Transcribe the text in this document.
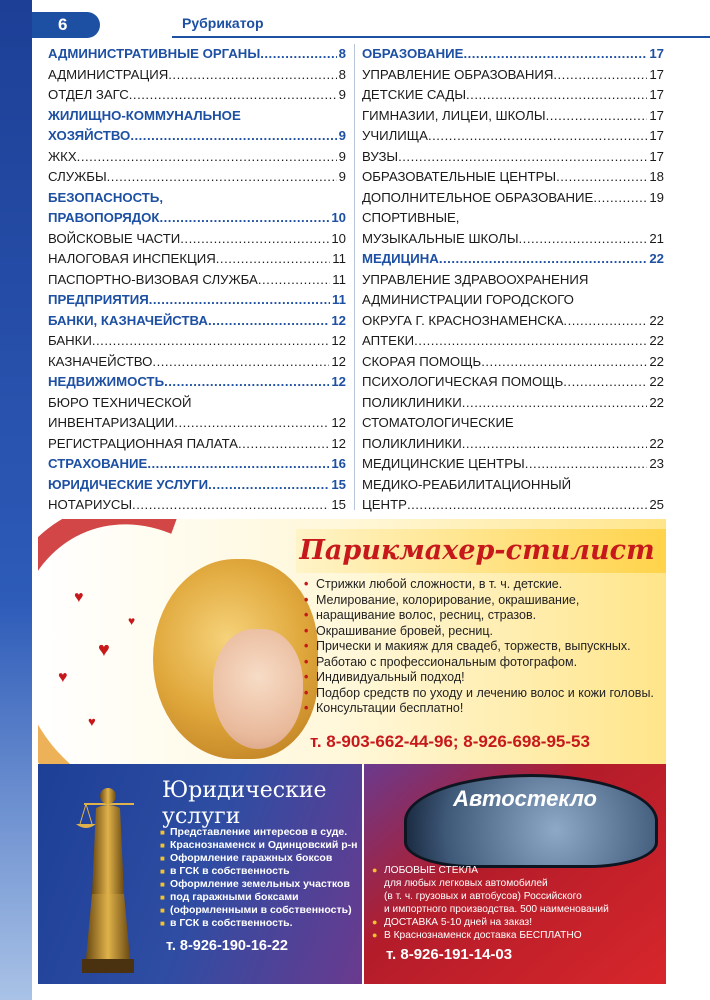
6	Рубрикатор
АДМИНИСТРАТИВНЫЕ ОРГАНЫ .....	8
АДМИНИСТРАЦИЯ .....	8
ОТДЕЛ ЗАГС .....	9
ЖИЛИЩНО-КОММУНАЛЬНОЕ
ХОЗЯЙСТВО .....	9
ЖКХ .....	9
СЛУЖБЫ .....	9
БЕЗОПАСНОСТЬ,
ПРАВОПОРЯДОК .....	10
ВОЙСКОВЫЕ ЧАСТИ .....	10
НАЛОГОВАЯ ИНСПЕКЦИЯ .....	11
ПАСПОРТНО-ВИЗОВАЯ СЛУЖБА .....	11
ПРЕДПРИЯТИЯ .....	11
БАНКИ, КАЗНАЧЕЙСТВА .....	12
БАНКИ .....	12
КАЗНАЧЕЙСТВО .....	12
НЕДВИЖИМОСТЬ .....	12
БЮРО ТЕХНИЧЕСКОЙ
ИНВЕНТАРИЗАЦИИ .....	12
РЕГИСТРАЦИОННАЯ ПАЛАТА .....	12
СТРАХОВАНИЕ .....	16
ЮРИДИЧЕСКИЕ УСЛУГИ .....	15
НОТАРИУСЫ .....	15
ОБРАЗОВАНИЕ .....	17
УПРАВЛЕНИЕ ОБРАЗОВАНИЯ .....	17
ДЕТСКИЕ САДЫ .....	17
ГИМНАЗИИ, ЛИЦЕИ, ШКОЛЫ .....	17
УЧИЛИЩА .....	17
ВУЗЫ .....	17
ОБРАЗОВАТЕЛЬНЫЕ ЦЕНТРЫ .....	18
ДОПОЛНИТЕЛЬНОЕ ОБРАЗОВАНИЕ .....	19
СПОРТИВНЫЕ,
МУЗЫКАЛЬНЫЕ ШКОЛЫ .....	21
МЕДИЦИНА .....	22
УПРАВЛЕНИЕ ЗДРАВООХРАНЕНИЯ
АДМИНИСТРАЦИИ ГОРОДСКОГО
ОКРУГА Г. КРАСНОЗНАМЕНСКА .....	22
АПТЕКИ .....	22
СКОРАЯ ПОМОЩЬ .....	22
ПСИХОЛОГИЧЕСКАЯ ПОМОЩЬ .....	22
ПОЛИКЛИНИКИ .....	22
СТОМАТОЛОГИЧЕСКИЕ
ПОЛИКЛИНИКИ .....	22
МЕДИЦИНСКИЕ ЦЕНТРЫ .....	23
МЕДИКО-РЕАБИЛИТАЦИОННЫЙ
ЦЕНТР .....	25
♥
♥
♥
♥
♥
Парикмахер-стилист
• Стрижки любой сложности, в т. ч. детские.
• Мелирование, колорирование, окрашивание,
• наращивание волос, ресниц, стразов.
• Окрашивание бровей, ресниц.
• Прически и макияж для свадеб, торжеств, выпускных.
• Работаю с профессиональным фотографом.
• Индивидуальный подход!
• Подбор средств по уходу и лечению волос и кожи головы.
• Консультации бесплатно!
т. 8-903-662-44-96; 8-926-698-95-53
Юридические
услуги
■ Представление интересов в суде.
■ Краснознаменск и Одинцовский р-н
■ Оформление гаражных боксов
■ в ГСК в собственность
■ Оформление земельных участков
■ под гаражными боксами
■ (оформленными в собственность)
■ в ГСК в собственность.
т. 8-926-190-16-22
Автостекло
● ЛОБОВЫЕ СТЕКЛА
для любых легковых автомобилей
(в т. ч. грузовых и автобусов) Российского
и импортного производства. 500 наименований
● ДОСТАВКА 5-10 дней на заказ!
● В Краснознаменск доставка БЕСПЛАТНО
т. 8-926-191-14-03
